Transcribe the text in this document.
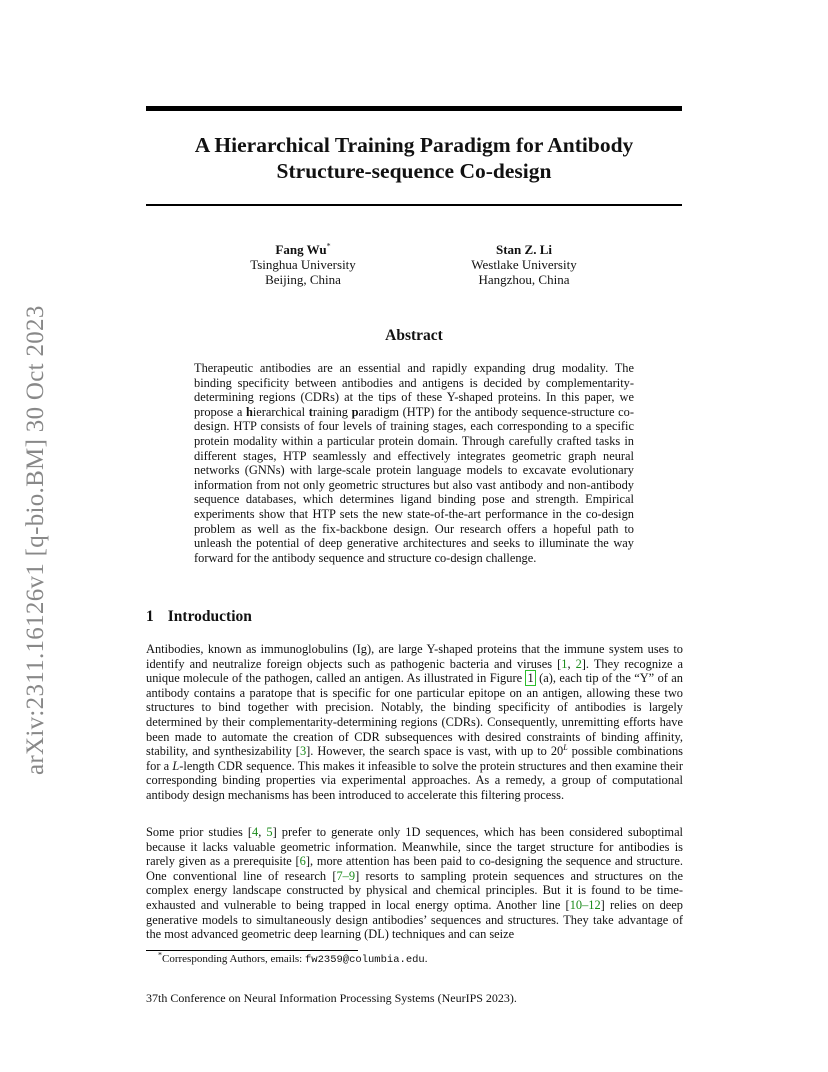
arXiv:2311.16126v1 [q-bio.BM] 30 Oct 2023
A Hierarchical Training Paradigm for Antibody
Structure-sequence Co-design
Fang Wu*
Tsinghua University
Beijing, China
Stan Z. Li
Westlake University
Hangzhou, China
Abstract

Therapeutic antibodies are an essential and rapidly expanding drug modality. The binding specificity between antibodies and antigens is decided by complementarity-determining regions (CDRs) at the tips of these Y-shaped proteins. In this paper, we propose a hierarchical training paradigm (HTP) for the antibody sequence-structure co-design. HTP consists of four levels of training stages, each corresponding to a specific protein modality within a particular protein domain. Through carefully crafted tasks in different stages, HTP seamlessly and effectively integrates geometric graph neural networks (GNNs) with large-scale protein language models to excavate evolutionary information from not only geometric structures but also vast antibody and non-antibody sequence databases, which determines ligand binding pose and strength. Empirical experiments show that HTP sets the new state-of-the-art performance in the co-design problem as well as the fix-backbone design. Our research offers a hopeful path to unleash the potential of deep generative architectures and seeks to illuminate the way forward for the antibody sequence and structure co-design challenge.

1 Introduction

Antibodies, known as immunoglobulins (Ig), are large Y-shaped proteins that the immune system uses to identify and neutralize foreign objects such as pathogenic bacteria and viruses [1, 2]. They recognize a unique molecule of the pathogen, called an antigen. As illustrated in Figure 1 (a), each tip of the “Y” of an antibody contains a paratope that is specific for one particular epitope on an antigen, allowing these two structures to bind together with precision. Notably, the binding specificity of antibodies is largely determined by their complementarity-determining regions (CDRs). Consequently, unremitting efforts have been made to automate the creation of CDR subsequences with desired constraints of binding affinity, stability, and synthesizability [3]. However, the search space is vast, with up to $20^L$ possible combinations for a L-length CDR sequence. This makes it infeasible to solve the protein structures and then examine their corresponding binding properties via experimental approaches. As a remedy, a group of computational antibody design mechanisms has been introduced to accelerate this filtering process.

Some prior studies [4, 5] prefer to generate only 1D sequences, which has been considered suboptimal because it lacks valuable geometric information. Meanwhile, since the target structure for antibodies is rarely given as a prerequisite [6], more attention has been paid to co-designing the sequence and structure. One conventional line of research [7–9] resorts to sampling protein sequences and structures on the complex energy landscape constructed by physical and chemical principles. But it is found to be time-exhausted and vulnerable to being trapped in local energy optima. Another line [10–12] relies on deep generative models to simultaneously design antibodies’ sequences and structures. They take advantage of the most advanced geometric deep learning (DL) techniques and can seize

*Corresponding Authors, emails: fw2359@columbia.edu.

37th Conference on Neural Information Processing Systems (NeurIPS 2023).
